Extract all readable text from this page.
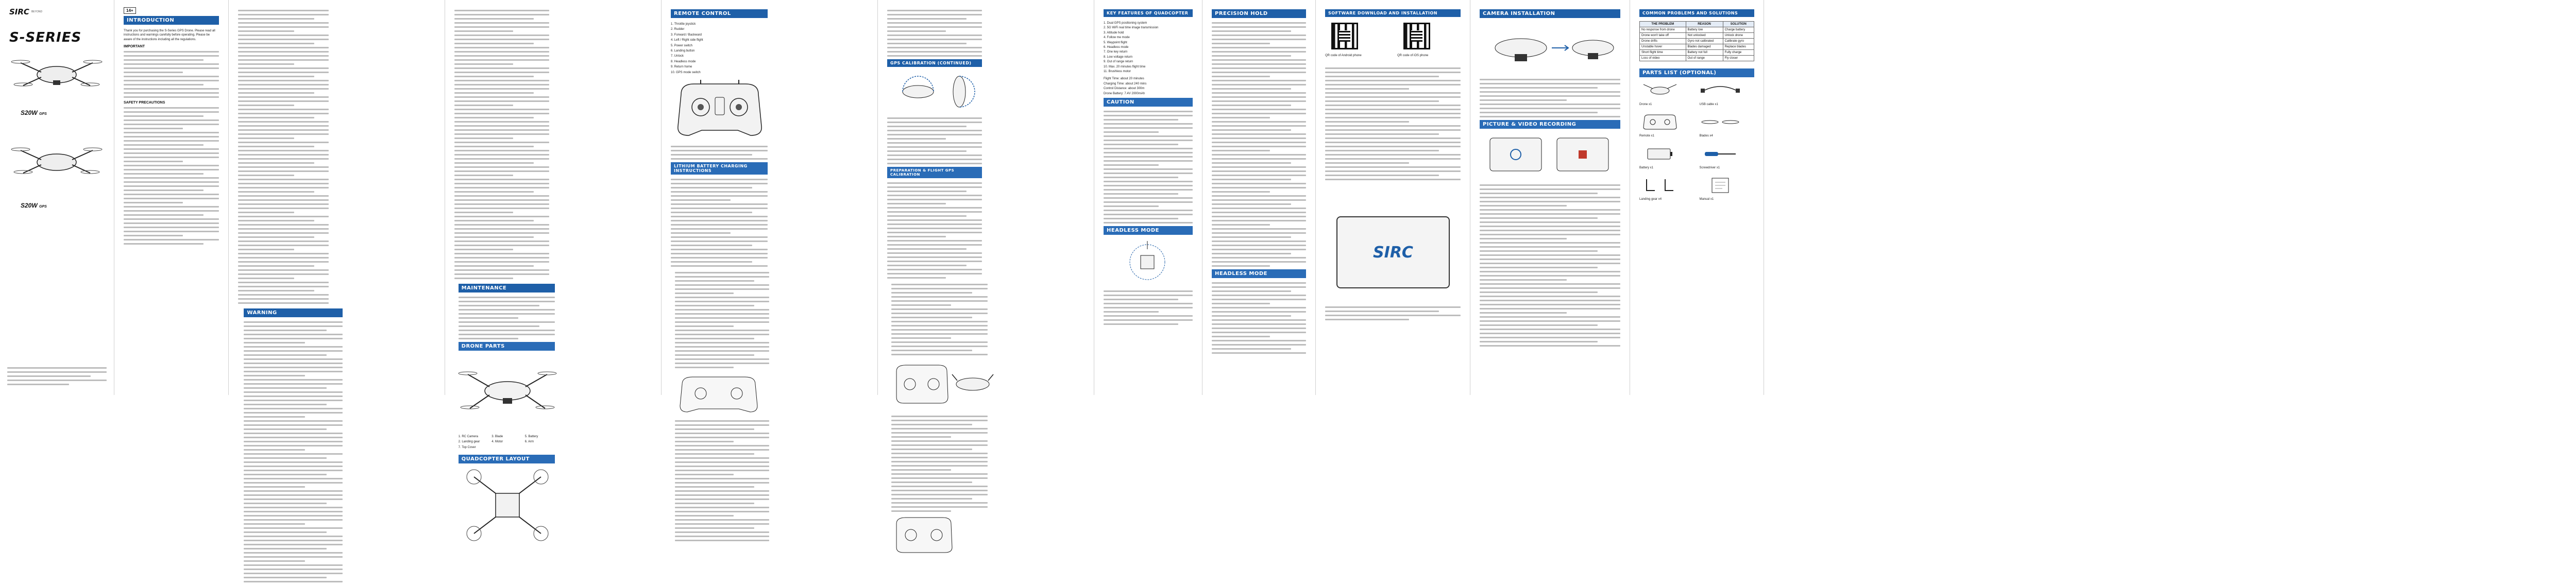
SIRC BEYOND
S-SERIES
S20W GPS
S20W GPS
14+
INTRODUCTION

Thank you for purchasing the S-Series GPS Drone. Please read all instructions and warnings carefully before operating. Please be aware of the instructions including all the regulations.

IMPORTANT
SAFETY PRECAUTIONS

WARNING

MAINTENANCE
DRONE PARTS
1. RC Camera	3. Blade	5. Battery
2. Landing gear	4. Motor	6. Arm
7. Top Cover
QUADCOPTER LAYOUT
REMOTE CONTROL
1. Throttle joystick
2. Rudder
3. Forward / Backward
4. Left / Right side flight
5. Power switch
6. Landing button
7. Unlock
8. Headless mode
9. Return home
10. GPS mode switch
LITHIUM BATTERY CHARGING INSTRUCTIONS

GPS CALIBRATION (CONTINUED)
PREPARATION & FLIGHT GPS CALIBRATION

KEY FEATURES OF QUADCOPTER
1. Dual GPS positioning system
2. 5G WiFi real time image transmission
3. Altitude hold
4. Follow me mode
5. Waypoint flight
6. Headless mode
7. One key return
8. Low voltage return
9. Out of range return
10. Max. 20 minutes flight time
11. Brushless motor
Flight Time: about 20 minutes
Charging Time: about 240 mins
Control Distance: about 300m
Drone Battery: 7.4V 2000mAh
CAUTION
HEADLESS MODE
PRECISION HOLD
HEADLESS MODE
SOFTWARE DOWNLOAD AND INSTALLATION
QR code of Android phone	QR code of iOS phone
SIRC
CAMERA INSTALLATION
PICTURE & VIDEO RECORDING
COMMON PROBLEMS AND SOLUTIONS
THE PROBLEM	REASON	SOLUTION
No response from drone	Battery low	Charge battery
Drone won't take off	Not unlocked	Unlock drone
Drone drifts	Gyro not calibrated	Calibrate gyro
Unstable hover	Blades damaged	Replace blades
Short flight time	Battery not full	Fully charge
Loss of video	Out of range	Fly closer
PARTS LIST (OPTIONAL)
Drone x1	USB cable x1
Remote x1	Blades x4
Battery x1	Screwdriver x1
Landing gear x4	Manual x1
